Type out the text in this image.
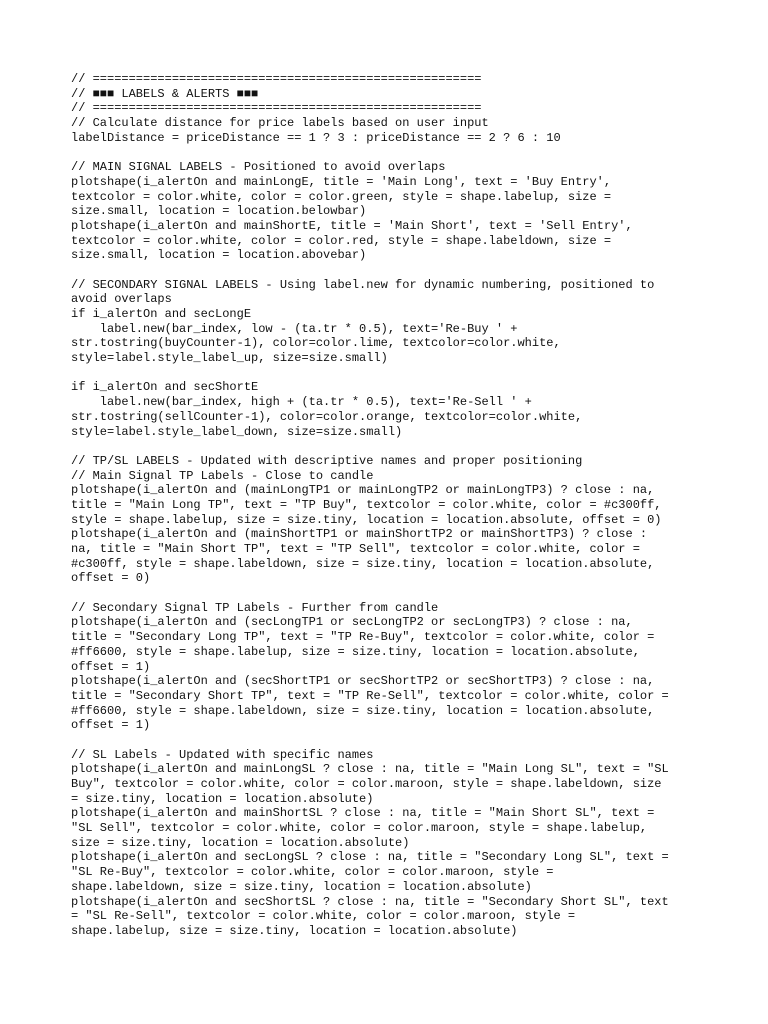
// ======================================================
// ■■■ LABELS & ALERTS ■■■
// ======================================================
// Calculate distance for price labels based on user input
labelDistance = priceDistance == 1 ? 3 : priceDistance == 2 ? 6 : 10
// MAIN SIGNAL LABELS - Positioned to avoid overlaps
plotshape(i_alertOn and mainLongE, title = 'Main Long', text = 'Buy Entry',
textcolor = color.white, color = color.green, style = shape.labelup, size =
size.small, location = location.belowbar)
plotshape(i_alertOn and mainShortE, title = 'Main Short', text = 'Sell Entry',
textcolor = color.white, color = color.red, style = shape.labeldown, size =
size.small, location = location.abovebar)
// SECONDARY SIGNAL LABELS - Using label.new for dynamic numbering, positioned to
avoid overlaps
if i_alertOn and secLongE
label.new(bar_index, low - (ta.tr * 0.5), text='Re-Buy ' +
str.tostring(buyCounter-1), color=color.lime, textcolor=color.white,
style=label.style_label_up, size=size.small)
if i_alertOn and secShortE
label.new(bar_index, high + (ta.tr * 0.5), text='Re-Sell ' +
str.tostring(sellCounter-1), color=color.orange, textcolor=color.white,
style=label.style_label_down, size=size.small)
// TP/SL LABELS - Updated with descriptive names and proper positioning
// Main Signal TP Labels - Close to candle
plotshape(i_alertOn and (mainLongTP1 or mainLongTP2 or mainLongTP3) ? close : na,
title = "Main Long TP", text = "TP Buy", textcolor = color.white, color = #c300ff,
style = shape.labelup, size = size.tiny, location = location.absolute, offset = 0)
plotshape(i_alertOn and (mainShortTP1 or mainShortTP2 or mainShortTP3) ? close :
na, title = "Main Short TP", text = "TP Sell", textcolor = color.white, color =
#c300ff, style = shape.labeldown, size = size.tiny, location = location.absolute,
offset = 0)
// Secondary Signal TP Labels - Further from candle
plotshape(i_alertOn and (secLongTP1 or secLongTP2 or secLongTP3) ? close : na,
title = "Secondary Long TP", text = "TP Re-Buy", textcolor = color.white, color =
#ff6600, style = shape.labelup, size = size.tiny, location = location.absolute,
offset = 1)
plotshape(i_alertOn and (secShortTP1 or secShortTP2 or secShortTP3) ? close : na,
title = "Secondary Short TP", text = "TP Re-Sell", textcolor = color.white, color =
#ff6600, style = shape.labeldown, size = size.tiny, location = location.absolute,
offset = 1)
// SL Labels - Updated with specific names
plotshape(i_alertOn and mainLongSL ? close : na, title = "Main Long SL", text = "SL
Buy", textcolor = color.white, color = color.maroon, style = shape.labeldown, size
= size.tiny, location = location.absolute)
plotshape(i_alertOn and mainShortSL ? close : na, title = "Main Short SL", text =
"SL Sell", textcolor = color.white, color = color.maroon, style = shape.labelup,
size = size.tiny, location = location.absolute)
plotshape(i_alertOn and secLongSL ? close : na, title = "Secondary Long SL", text =
"SL Re-Buy", textcolor = color.white, color = color.maroon, style =
shape.labeldown, size = size.tiny, location = location.absolute)
plotshape(i_alertOn and secShortSL ? close : na, title = "Secondary Short SL", text
= "SL Re-Sell", textcolor = color.white, color = color.maroon, style =
shape.labelup, size = size.tiny, location = location.absolute)
